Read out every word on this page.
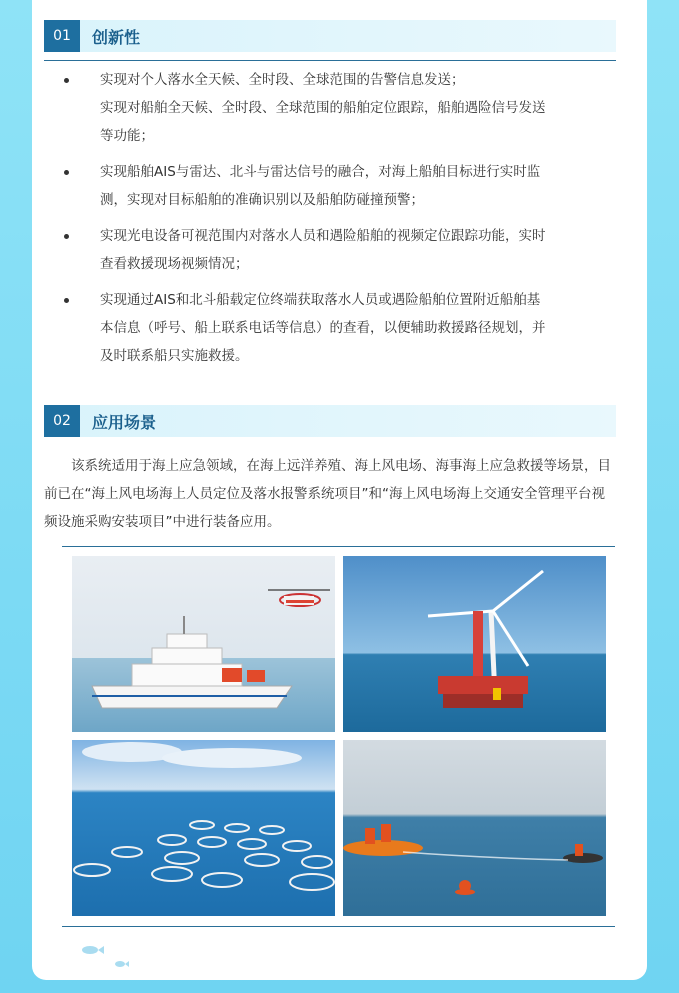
01	创新性

实现对个人落水全天候、全时段、全球范围的告警信息发送；

实现对船舶全天候、全时段、全球范围的船舶定位跟踪，船舶遇险信号发送

等功能；

实现船舶AIS与雷达、北斗与雷达信号的融合，对海上船舶目标进行实时监

测，实现对目标船舶的准确识别以及船舶防碰撞预警；

实现光电设备可视范围内对落水人员和遇险船舶的视频定位跟踪功能，实时

查看救援现场视频情况；

实现通过AIS和北斗船载定位终端获取落水人员或遇险船舶位置附近船舶基

本信息（呼号、船上联系电话等信息）的查看，以便辅助救援路径规划，并

及时联系船只实施救援。

02	应用场景

该系统适用于海上应急领域，在海上远洋养殖、海上风电场、海事海上应急救援等场景，目前已在“海上风电场海上人员定位及落水报警系统项目”和“海上风电场海上交通安全管理平台视频设施采购安装项目”中进行装备应用。
